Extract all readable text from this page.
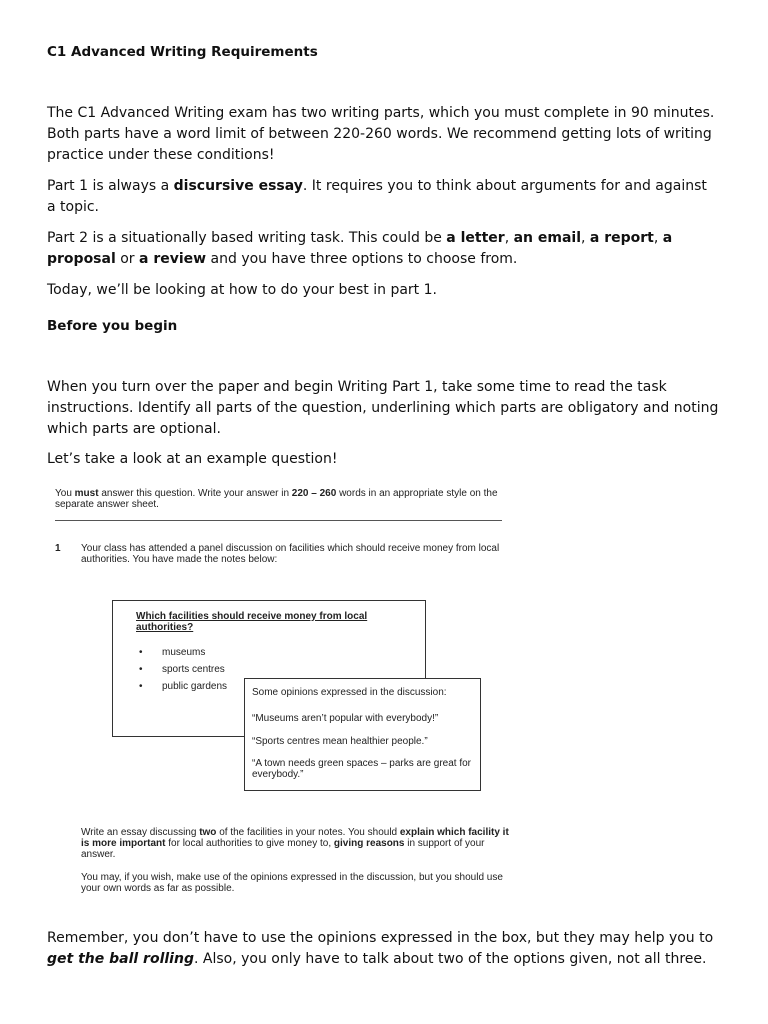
C1 Advanced Writing Requirements

The C1 Advanced Writing exam has two writing parts, which you must complete in 90 minutes. Both parts have a word limit of between 220-260 words. We recommend getting lots of writing practice under these conditions!

Part 1 is always a discursive essay. It requires you to think about arguments for and against a topic.

Part 2 is a situationally based writing task. This could be a letter, an email, a report, a proposal or a review and you have three options to choose from.

Today, we’ll be looking at how to do your best in part 1.

Before you begin

When you turn over the paper and begin Writing Part 1, take some time to read the task instructions. Identify all parts of the question, underlining which parts are obligatory and noting which parts are optional.

Let’s take a look at an example question!

You must answer this question. Write your answer in 220 – 260 words in an appropriate style on the separate answer sheet.

1 Your class has attended a panel discussion on facilities which should receive money from local authorities. You have made the notes below:
Which facilities should receive money from local authorities?
• museums
• sports centres
• public gardens
Some opinions expressed in the discussion:
“Museums aren’t popular with everybody!”
“Sports centres mean healthier people.”
“A town needs green spaces – parks are great for everybody.”

Write an essay discussing two of the facilities in your notes. You should explain which facility it is more important for local authorities to give money to, giving reasons in support of your answer.

You may, if you wish, make use of the opinions expressed in the discussion, but you should use your own words as far as possible.

Remember, you don’t have to use the opinions expressed in the box, but they may help you to get the ball rolling. Also, you only have to talk about two of the options given, not all three.
